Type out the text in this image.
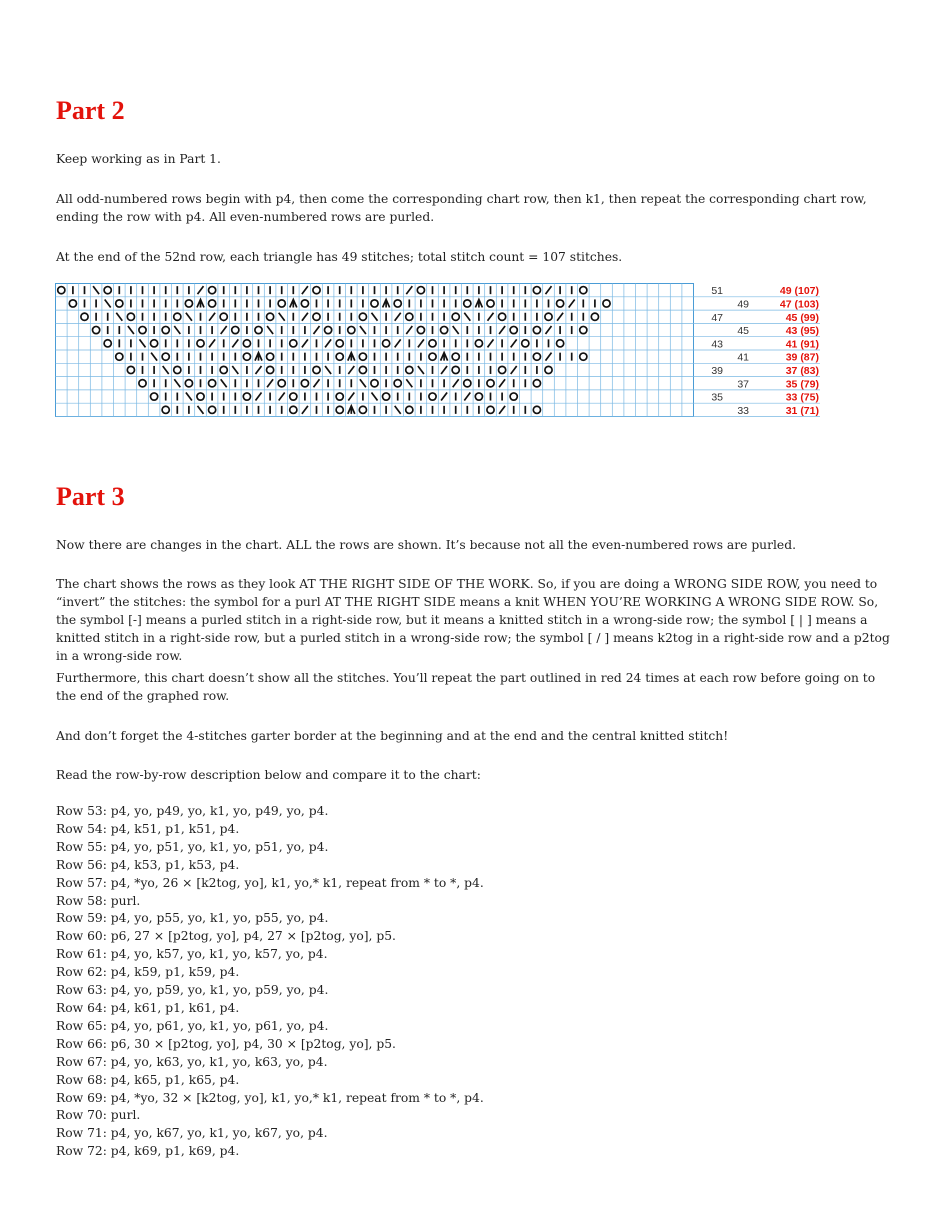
Part 2

Keep working as in Part 1.

All odd-numbered rows begin with p4, then come the corresponding chart row, then k1, then repeat the corresponding chart row, ending the row with p4. All even-numbered rows are purled.

At the end of the 52nd row, each triangle has 49 stitches; total stitch count = 107 stitches.

Part 3

Now there are changes in the chart. ALL the rows are shown. It’s because not all the even-numbered rows are purled.

The chart shows the rows as they look AT THE RIGHT SIDE OF THE WORK. So, if you are doing a WRONG SIDE ROW, you need to “invert” the stitches: the symbol for a purl AT THE RIGHT SIDE means a knit WHEN YOU’RE WORKING A WRONG SIDE ROW. So, the symbol [-] means a purled stitch in a right-side row, but it means a knitted stitch in a wrong-side row; the symbol [ | ] means a knitted stitch in a right-side row, but a purled stitch in a wrong-side row; the symbol [ / ] means k2tog in a right-side row and a p2tog in a wrong-side row.

Furthermore, this chart doesn’t show all the stitches. You’ll repeat the part outlined in red 24 times at each row before going on to the end of the graphed row.

And don’t forget the 4-stitches garter border at the beginning and at the end and the central knitted stitch!

Read the row-by-row description below and compare it to the chart:

Row 53: p4, yo, p49, yo, k1, yo, p49, yo, p4.
Row 54: p4, k51, p1, k51, p4.
Row 55: p4, yo, p51, yo, k1, yo, p51, yo, p4.
Row 56: p4, k53, p1, k53, p4.
Row 57: p4, *yo, 26 × [k2tog, yo], k1, yo,* k1, repeat from * to *, p4.
Row 58: purl.
Row 59: p4, yo, p55, yo, k1, yo, p55, yo, p4.
Row 60: p6, 27 × [p2tog, yo], p4, 27 × [p2tog, yo], p5.
Row 61: p4, yo, k57, yo, k1, yo, k57, yo, p4.
Row 62: p4, k59, p1, k59, p4.
Row 63: p4, yo, p59, yo, k1, yo, p59, yo, p4.
Row 64: p4, k61, p1, k61, p4.
Row 65: p4, yo, p61, yo, k1, yo, p61, yo, p4.
Row 66: p6, 30 × [p2tog, yo], p4, 30 × [p2tog, yo], p5.
Row 67: p4, yo, k63, yo, k1, yo, k63, yo, p4.
Row 68: p4, k65, p1, k65, p4.
Row 69: p4, *yo, 32 × [k2tog, yo], k1, yo,* k1, repeat from * to *, p4.
Row 70: purl.
Row 71: p4, yo, k67, yo, k1, yo, k67, yo, p4.
Row 72: p4, k69, p1, k69, p4.
51	49 (107)
49	47 (103)
47	45 (99)
45	43 (95)
43	41 (91)
41	39 (87)
39	37 (83)
37	35 (79)
35	33 (75)
33	31 (71)
